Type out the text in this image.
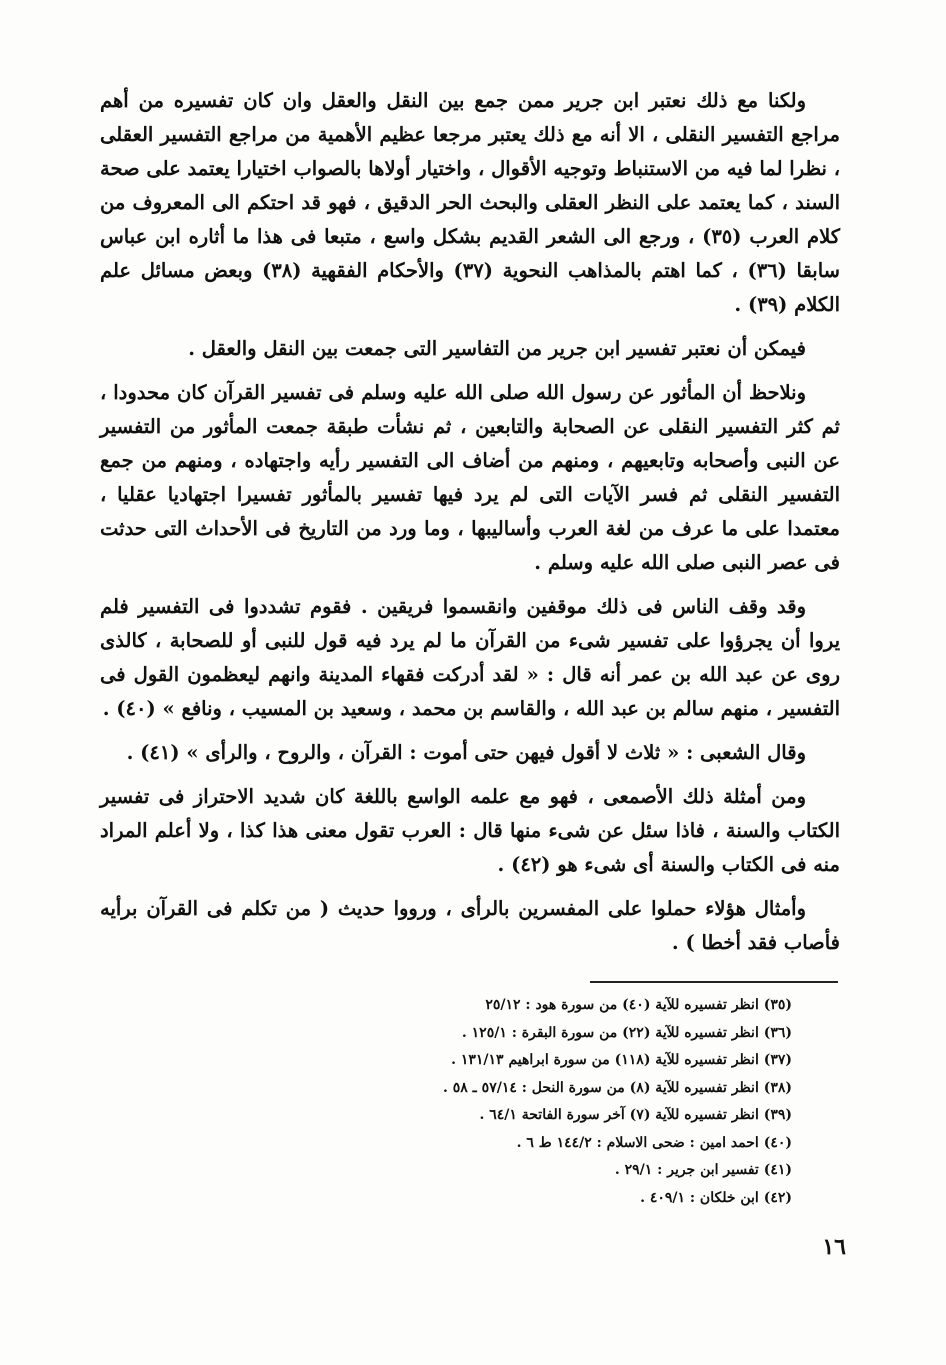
ولكنا مع ذلك نعتبر ابن جرير ممن جمع بين النقل والعقل وان كان تفسيره من أهم مراجع التفسير النقلى ، الا أنه مع ذلك يعتبر مرجعا عظيم الأهمية من مراجع التفسير العقلى ، نظرا لما فيه من الاستنباط وتوجيه الأقوال ، واختيار أولاها بالصواب اختيارا يعتمد على صحة السند ، كما يعتمد على النظر العقلى والبحث الحر الدقيق ، فهو قد احتكم الى المعروف من كلام العرب (٣٥) ، ورجع الى الشعر القديم بشكل واسع ، متبعا فى هذا ما أثاره ابن عباس سابقا (٣٦) ، كما اهتم بالمذاهب النحوية (٣٧) والأحكام الفقهية (٣٨) وبعض مسائل علم الكلام (٣٩) .

فيمكن أن نعتبر تفسير ابن جرير من التفاسير التى جمعت بين النقل والعقل .

ونلاحظ أن المأثور عن رسول الله صلى الله عليه وسلم فى تفسير القرآن كان محدودا ، ثم كثر التفسير النقلى عن الصحابة والتابعين ، ثم نشأت طبقة جمعت المأثور من التفسير عن النبى وأصحابه وتابعيهم ، ومنهم من أضاف الى التفسير رأيه واجتهاده ، ومنهم من جمع التفسير النقلى ثم فسر الآيات التى لم يرد فيها تفسير بالمأثور تفسيرا اجتهاديا عقليا ، معتمدا على ما عرف من لغة العرب وأساليبها ، وما ورد من التاريخ فى الأحداث التى حدثت فى عصر النبى صلى الله عليه وسلم .

وقد وقف الناس فى ذلك موقفين وانقسموا فريقين . فقوم تشددوا فى التفسير فلم يروا أن يجرؤوا على تفسير شىء من القرآن ما لم يرد فيه قول للنبى أو للصحابة ، كالذى روى عن عبد الله بن عمر أنه قال : « لقد أدركت فقهاء المدينة وانهم ليعظمون القول فى التفسير ، منهم سالم بن عبد الله ، والقاسم بن محمد ، وسعيد بن المسيب ، ونافع » (٤٠) .

وقال الشعبى : « ثلاث لا أقول فيهن حتى أموت : القرآن ، والروح ، والرأى » (٤١) .

ومن أمثلة ذلك الأصمعى ، فهو مع علمه الواسع باللغة كان شديد الاحتراز فى تفسير الكتاب والسنة ، فاذا سئل عن شىء منها قال : العرب تقول معنى هذا كذا ، ولا أعلم المراد منه فى الكتاب والسنة أى شىء هو (٤٢) .

وأمثال هؤلاء حملوا على المفسرين بالرأى ، ورووا حديث ( من تكلم فى القرآن برأيه فأصاب فقد أخطا ) .

(٣٥) انظر تفسيره للآية (٤٠) من سورة هود : ٢٥/١٢
(٣٦) انظر تفسيره للآية (٢٢) من سورة البقرة : ١٢٥/١ .
(٣٧) انظر تفسيره للآية (١١٨) من سورة ابراهيم ١٣١/١٣ .
(٣٨) انظر تفسيره للآية (٨) من سورة النحل : ٥٧/١٤ ـ ٥٨ .
(٣٩) انظر تفسيره للآية (٧) آخر سورة الفاتحة ٦٤/١ .
(٤٠) احمد امين : ضحى الاسلام : ١٤٤/٢ ط ٦ .
(٤١) تفسير ابن جرير : ٢٩/١ .
(٤٢) ابن خلكان : ٤٠٩/١ .
١٦
